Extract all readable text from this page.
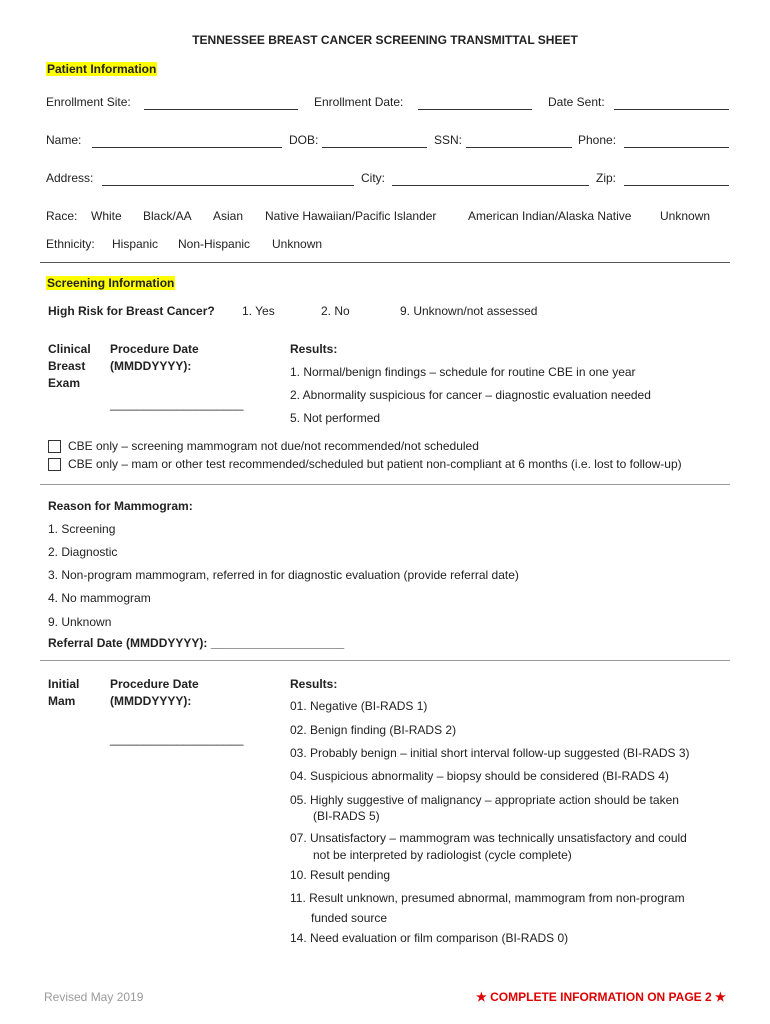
TENNESSEE BREAST CANCER SCREENING TRANSMITTAL SHEET
Patient Information
Enrollment Site:	Enrollment Date:	Date Sent:
Name:	DOB:	SSN:	Phone:
Address:	City:	Zip:
Race: White Black/AA Asian Native Hawaiian/Pacific Islander	American Indian/Alaska Native Unknown
Ethnicity: Hispanic Non-Hispanic Unknown
Screening Information
High Risk for Breast Cancer? 1. Yes	2. No	9. Unknown/not assessed
Clinical
Breast
Exam
Procedure Date
(MMDDYYYY):
____________________
Results:
1. Normal/benign findings – schedule for routine CBE in one year
2. Abnormality suspicious for cancer – diagnostic evaluation needed
5. Not performed
CBE only – screening mammogram not due/not recommended/not scheduled
CBE only – mam or other test recommended/scheduled but patient non-compliant at 6 months (i.e. lost to follow-up)
Reason for Mammogram:
1. Screening
2. Diagnostic
3. Non-program mammogram, referred in for diagnostic evaluation (provide referral date)
4. No mammogram
9. Unknown
Referral Date (MMDDYYYY): ____________________
Initial
Mam
Procedure Date
(MMDDYYYY):
____________________
Results:
01. Negative (BI-RADS 1)
02. Benign finding (BI-RADS 2)
03. Probably benign – initial short interval follow-up suggested (BI-RADS 3)
04. Suspicious abnormality – biopsy should be considered (BI-RADS 4)
05. Highly suggestive of malignancy – appropriate action should be taken
(BI-RADS 5)
07. Unsatisfactory – mammogram was technically unsatisfactory and could
not be interpreted by radiologist (cycle complete)
10. Result pending
11. Result unknown, presumed abnormal, mammogram from non-program
funded source
14. Need evaluation or film comparison (BI-RADS 0)
Revised May 2019	★ COMPLETE INFORMATION ON PAGE 2 ★
